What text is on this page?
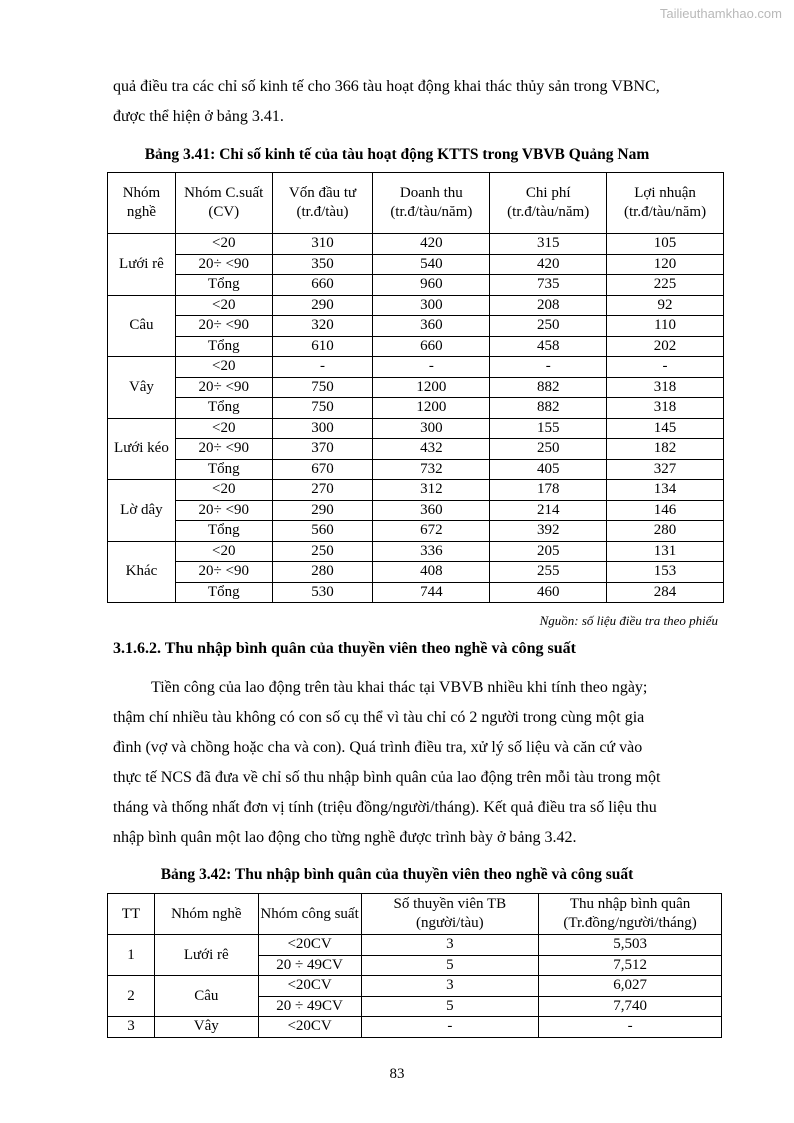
Tailieuthamkhao.com

quả điều tra các chỉ số kinh tế cho 366 tàu hoạt động khai thác thủy sản trong VBNC,
được thể hiện ở bảng 3.41.

Bảng 3.41: Chỉ số kinh tế của tàu hoạt động KTTS trong VBVB Quảng Nam

Nhóm nghề	Nhóm C.suất (CV)	Vốn đầu tư (tr.đ/tàu)	Doanh thu (tr.đ/tàu/năm)	Chi phí (tr.đ/tàu/năm)	Lợi nhuận (tr.đ/tàu/năm)
Lưới rê	<20	310	420	315	105
	20÷ <90	350	540	420	120
	Tổng	660	960	735	225
Câu	<20	290	300	208	92
	20÷ <90	320	360	250	110
	Tổng	610	660	458	202
Vây	<20	-	-	-	-
	20÷ <90	750	1200	882	318
	Tổng	750	1200	882	318
Lưới kéo	<20	300	300	155	145
	20÷ <90	370	432	250	182
	Tổng	670	732	405	327
Lờ dây	<20	270	312	178	134
	20÷ <90	290	360	214	146
	Tổng	560	672	392	280
Khác	<20	250	336	205	131
	20÷ <90	280	408	255	153
	Tổng	530	744	460	284

Nguồn: số liệu điều tra theo phiếu

3.1.6.2. Thu nhập bình quân của thuyền viên theo nghề và công suất

Tiền công của lao động trên tàu khai thác tại VBVB nhiều khi tính theo ngày;
thậm chí nhiều tàu không có con số cụ thể vì tàu chỉ có 2 người trong cùng một gia
đình (vợ và chồng hoặc cha và con). Quá trình điều tra, xử lý số liệu và căn cứ vào
thực tế NCS đã đưa về chỉ số thu nhập bình quân của lao động trên mỗi tàu trong một
tháng và thống nhất đơn vị tính (triệu đồng/người/tháng). Kết quả điều tra số liệu thu
nhập bình quân một lao động cho từng nghề được trình bày ở bảng 3.42.

Bảng 3.42: Thu nhập bình quân của thuyền viên theo nghề và công suất

TT	Nhóm nghề	Nhóm công suất	Số thuyền viên TB (người/tàu)	Thu nhập bình quân (Tr.đồng/người/tháng)
1	Lưới rê	<20CV	3	5,503
		20 ÷ 49CV	5	7,512
2	Câu	<20CV	3	6,027
		20 ÷ 49CV	5	7,740
3	Vây	<20CV	-	-

83
